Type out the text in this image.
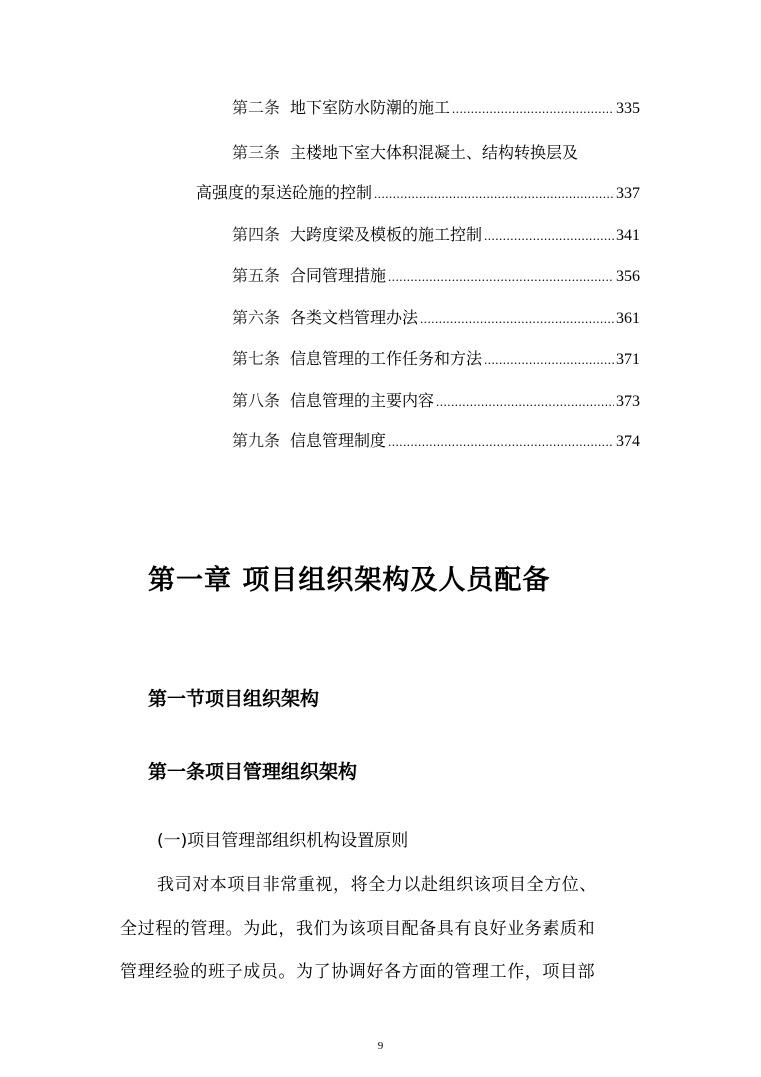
第二条 地下室防水防潮的施工 .....	335
第三条 主楼地下室大体积混凝土、结构转换层及
高强度的泵送砼施的控制 .....	337
第四条 大跨度梁及模板的施工控制 .....	341
第五条 合同管理措施 .....	356
第六条 各类文档管理办法 .....	361
第七条 信息管理的工作任务和方法 .....	371
第八条 信息管理的主要内容 .....	373
第九条 信息管理制度 .....	374
第一章 项目组织架构及人员配备
第一节项目组织架构
第一条项目管理组织架构
(一)项目管理部组织机构设置原则
我司对本项目非常重视，将全力以赴组织该项目全方位、
全过程的管理。为此，我们为该项目配备具有良好业务素质和
管理经验的班子成员。为了协调好各方面的管理工作，项目部
9
